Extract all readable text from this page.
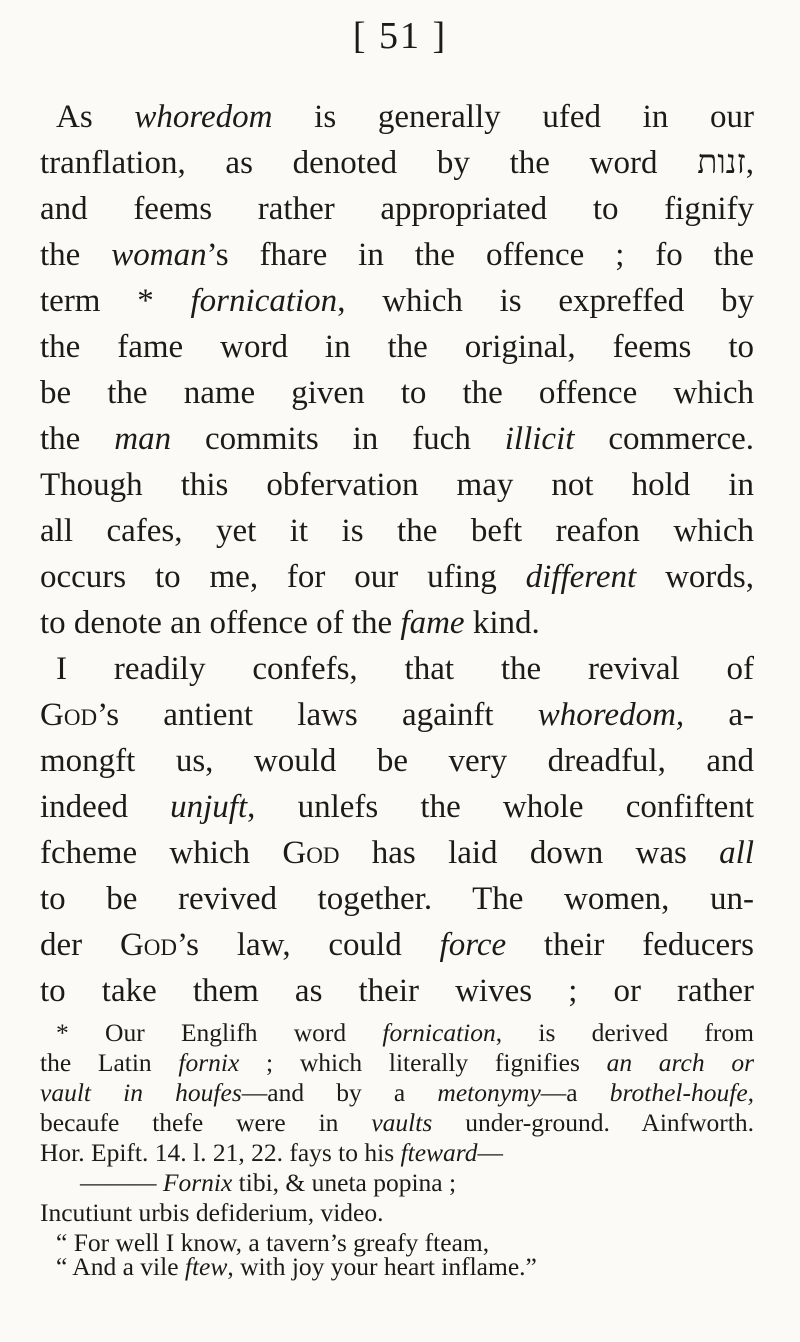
[ 51 ]
As whoredom is generally ufed in our
tranflation, as denoted by the word זנות,
and feems rather appropriated to fignify
the woman’s fhare in the offence ; fo the
term * fornication, which is expreffed by
the fame word in the original, feems to
be the name given to the offence which
the man commits in fuch illicit commerce.
Though this obfervation may not hold in
all cafes, yet it is the beft reafon which
occurs to me, for our ufing different words,
to denote an offence of the fame kind.
I readily confefs, that the revival of
God’s antient laws againft whoredom, a-
mongft us, would be very dreadful, and
indeed unjuft, unlefs the whole confiftent
fcheme which God has laid down was all
to be revived together. The women, un-
der God’s law, could force their feducers
to take them as their wives ; or rather
* Our Englifh word fornication, is derived from
the Latin fornix ; which literally fignifies an arch or
vault in houfes—and by a metonymy—a brothel-houfe,
becaufe thefe were in vaults under-ground. Ainfworth.
Hor. Epift. 14. l. 21, 22. fays to his fteward—
——— Fornix tibi, & uneta popina ;
Incutiunt urbis defiderium, video.
“ For well I know, a tavern’s greafy fteam,
“ And a vile ftew, with joy your heart inflame.”
